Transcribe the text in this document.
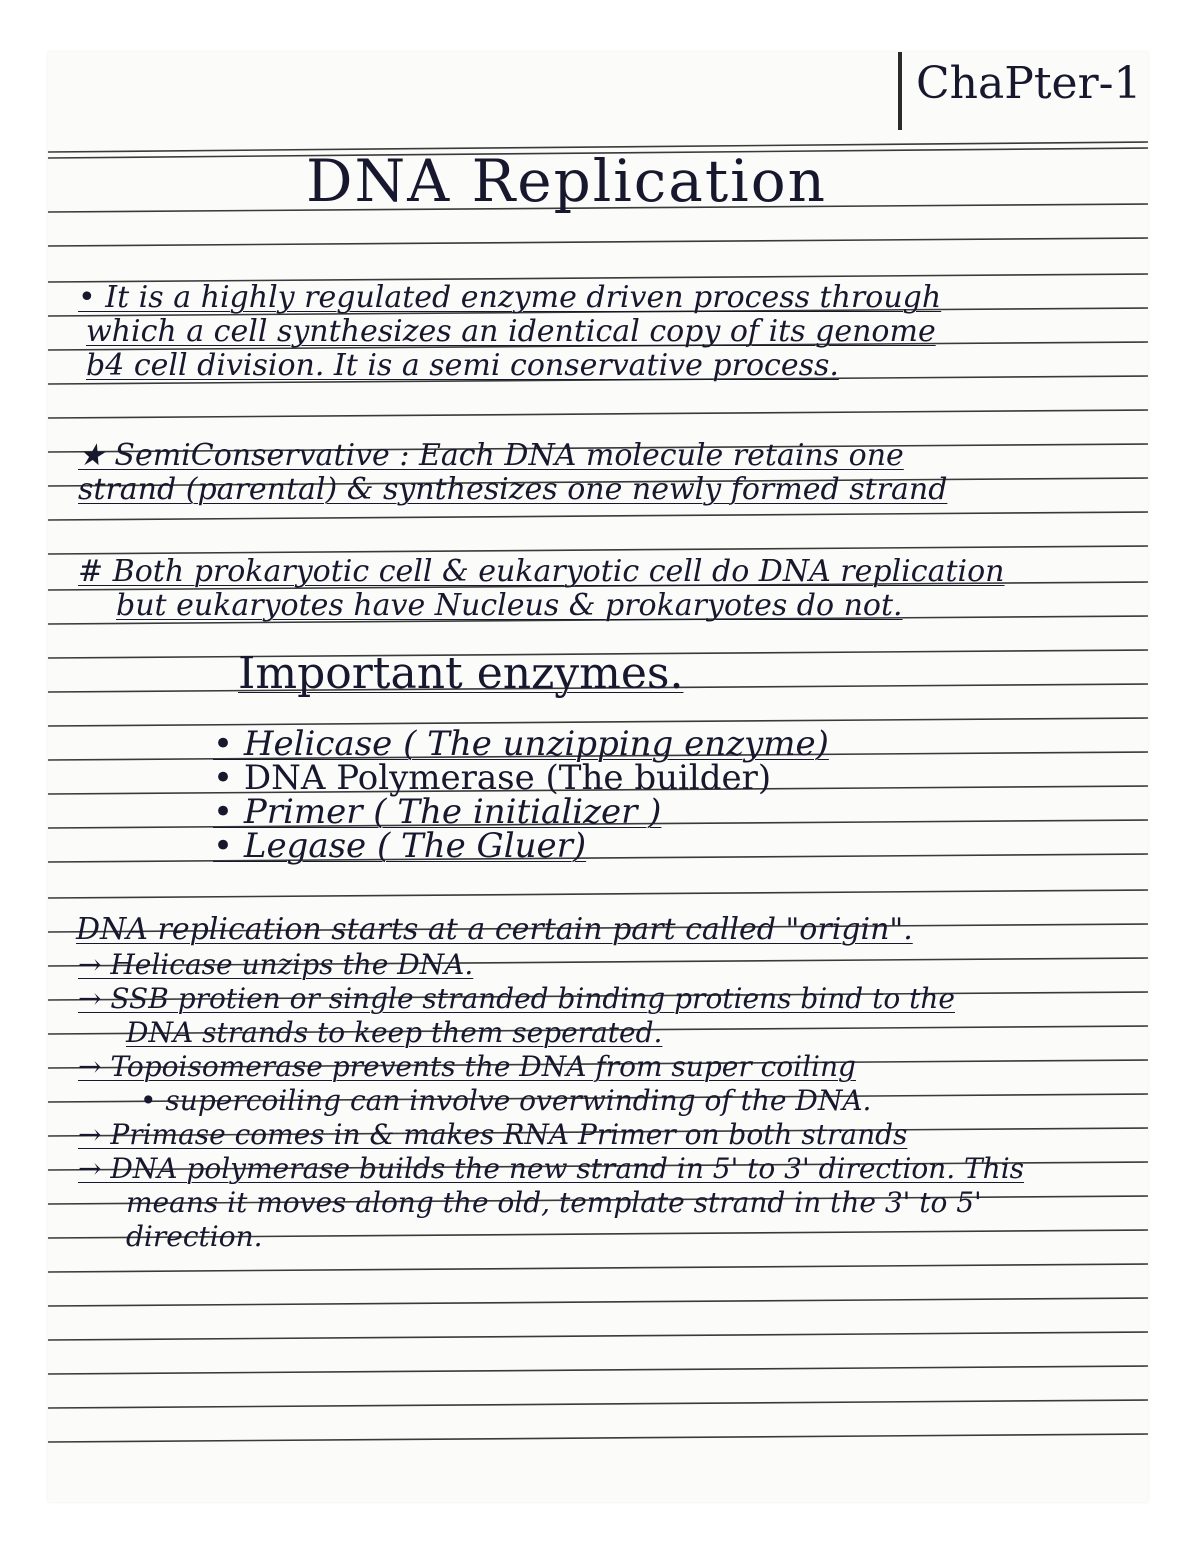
ChaPter-1
DNA Replication
• It is a highly regulated enzyme driven process through
which a cell synthesizes an identical copy of its genome
b4 cell division. It is a semi conservative process.
★ SemiConservative : Each DNA molecule retains one
strand (parental) & synthesizes one newly formed strand
# Both prokaryotic cell & eukaryotic cell do DNA replication
but eukaryotes have Nucleus & prokaryotes do not.
Important enzymes.
• Helicase ( The unzipping enzyme)
• DNA Polymerase (The builder)
• Primer ( The initializer )
• Legase ( The Gluer)
DNA replication starts at a certain part called "origin".
→ Helicase unzips the DNA.
→ SSB protien or single stranded binding protiens bind to the
DNA strands to keep them seperated.
→ Topoisomerase prevents the DNA from super coiling
• supercoiling can involve overwinding of the DNA.
→ Primase comes in & makes RNA Primer on both strands
→ DNA polymerase builds the new strand in 5' to 3' direction. This
means it moves along the old, template strand in the 3' to 5'
direction.
